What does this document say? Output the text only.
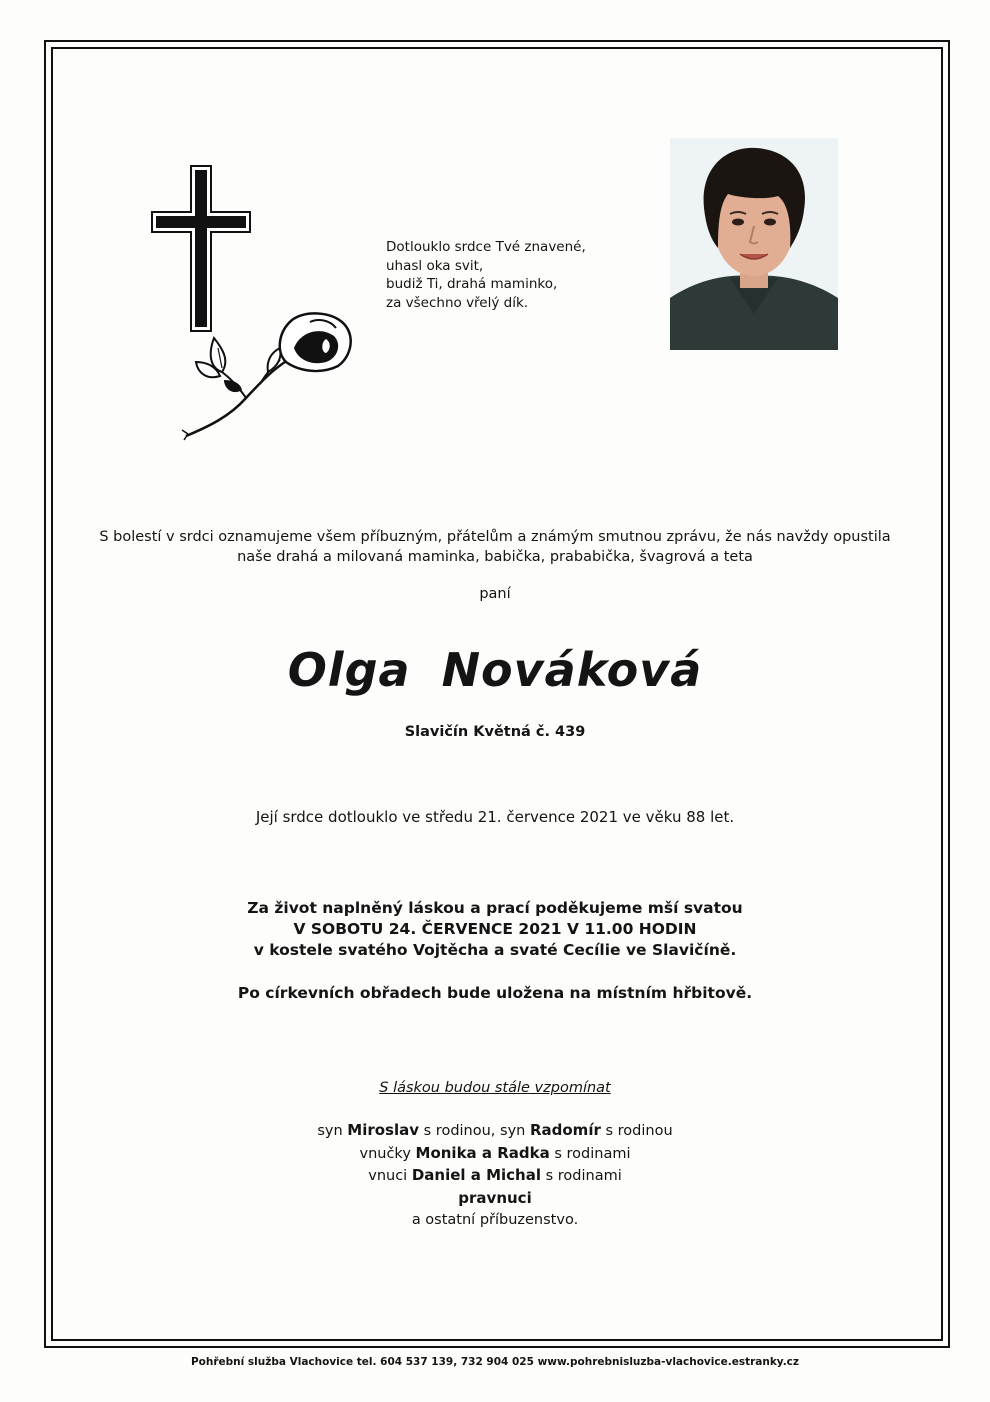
Dotlouklo srdce Tvé znavené,
uhasl oka svit,
budiž Ti, drahá maminko,
za všechno vřelý dík.
S bolestí v srdci oznamujeme všem příbuzným, přátelům a známým smutnou zprávu, že nás navždy opustila
naše drahá a milovaná maminka, babička, prababička, švagrová a teta
paní
Olga Nováková
Slavičín Květná č. 439
Její srdce dotlouklo ve středu 21. července 2021 ve věku 88 let.
Za život naplněný láskou a prací poděkujeme mší svatou
V SOBOTU 24. ČERVENCE 2021 V 11.00 HODIN
v kostele svatého Vojtěcha a svaté Cecílie ve Slavičíně.
Po církevních obřadech bude uložena na místním hřbitově.
S láskou budou stále vzpomínat
syn Miroslav s rodinou, syn Radomír s rodinou
vnučky Monika a Radka s rodinami
vnuci Daniel a Michal s rodinami
pravnuci
a ostatní příbuzenstvo.
Pohřební služba Vlachovice tel. 604 537 139, 732 904 025 www.pohrebnisluzba-vlachovice.estranky.cz
